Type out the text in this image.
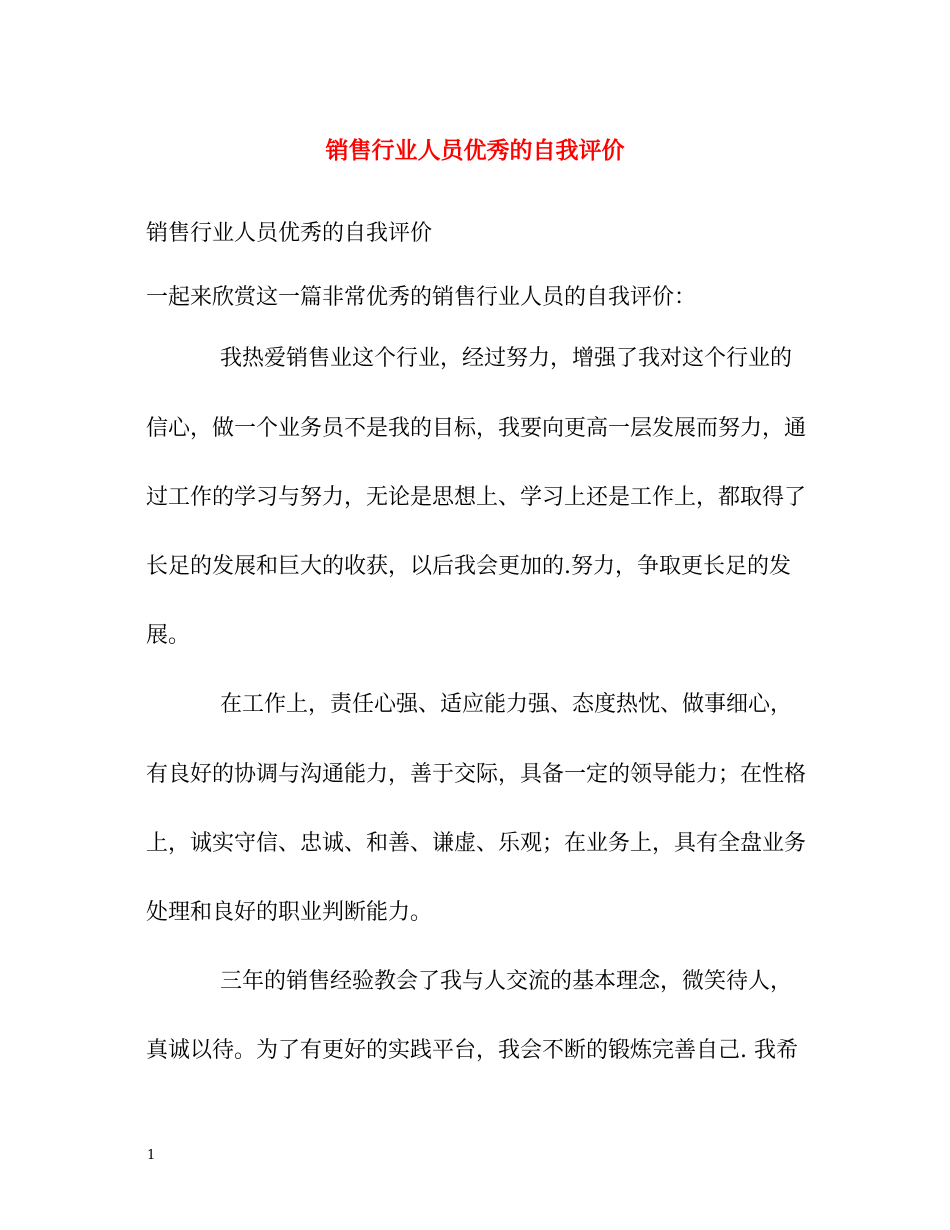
销售行业人员优秀的自我评价
销售行业人员优秀的自我评价
一起来欣赏这一篇非常优秀的销售行业人员的自我评价：
我热爱销售业这个行业，经过努力，增强了我对这个行业的
信心，做一个业务员不是我的目标，我要向更高一层发展而努力，通
过工作的学习与努力，无论是思想上、学习上还是工作上，都取得了
长足的发展和巨大的收获，以后我会更加的.努力，争取更长足的发
展。
在工作上，责任心强、适应能力强、态度热忱、做事细心，
有良好的协调与沟通能力，善于交际，具备一定的领导能力；在性格
上，诚实守信、忠诚、和善、谦虚、乐观；在业务上，具有全盘业务
处理和良好的职业判断能力。
三年的销售经验教会了我与人交流的基本理念，微笑待人，
真诚以待。为了有更好的实践平台，我会不断的锻炼完善自己. 我希
1
